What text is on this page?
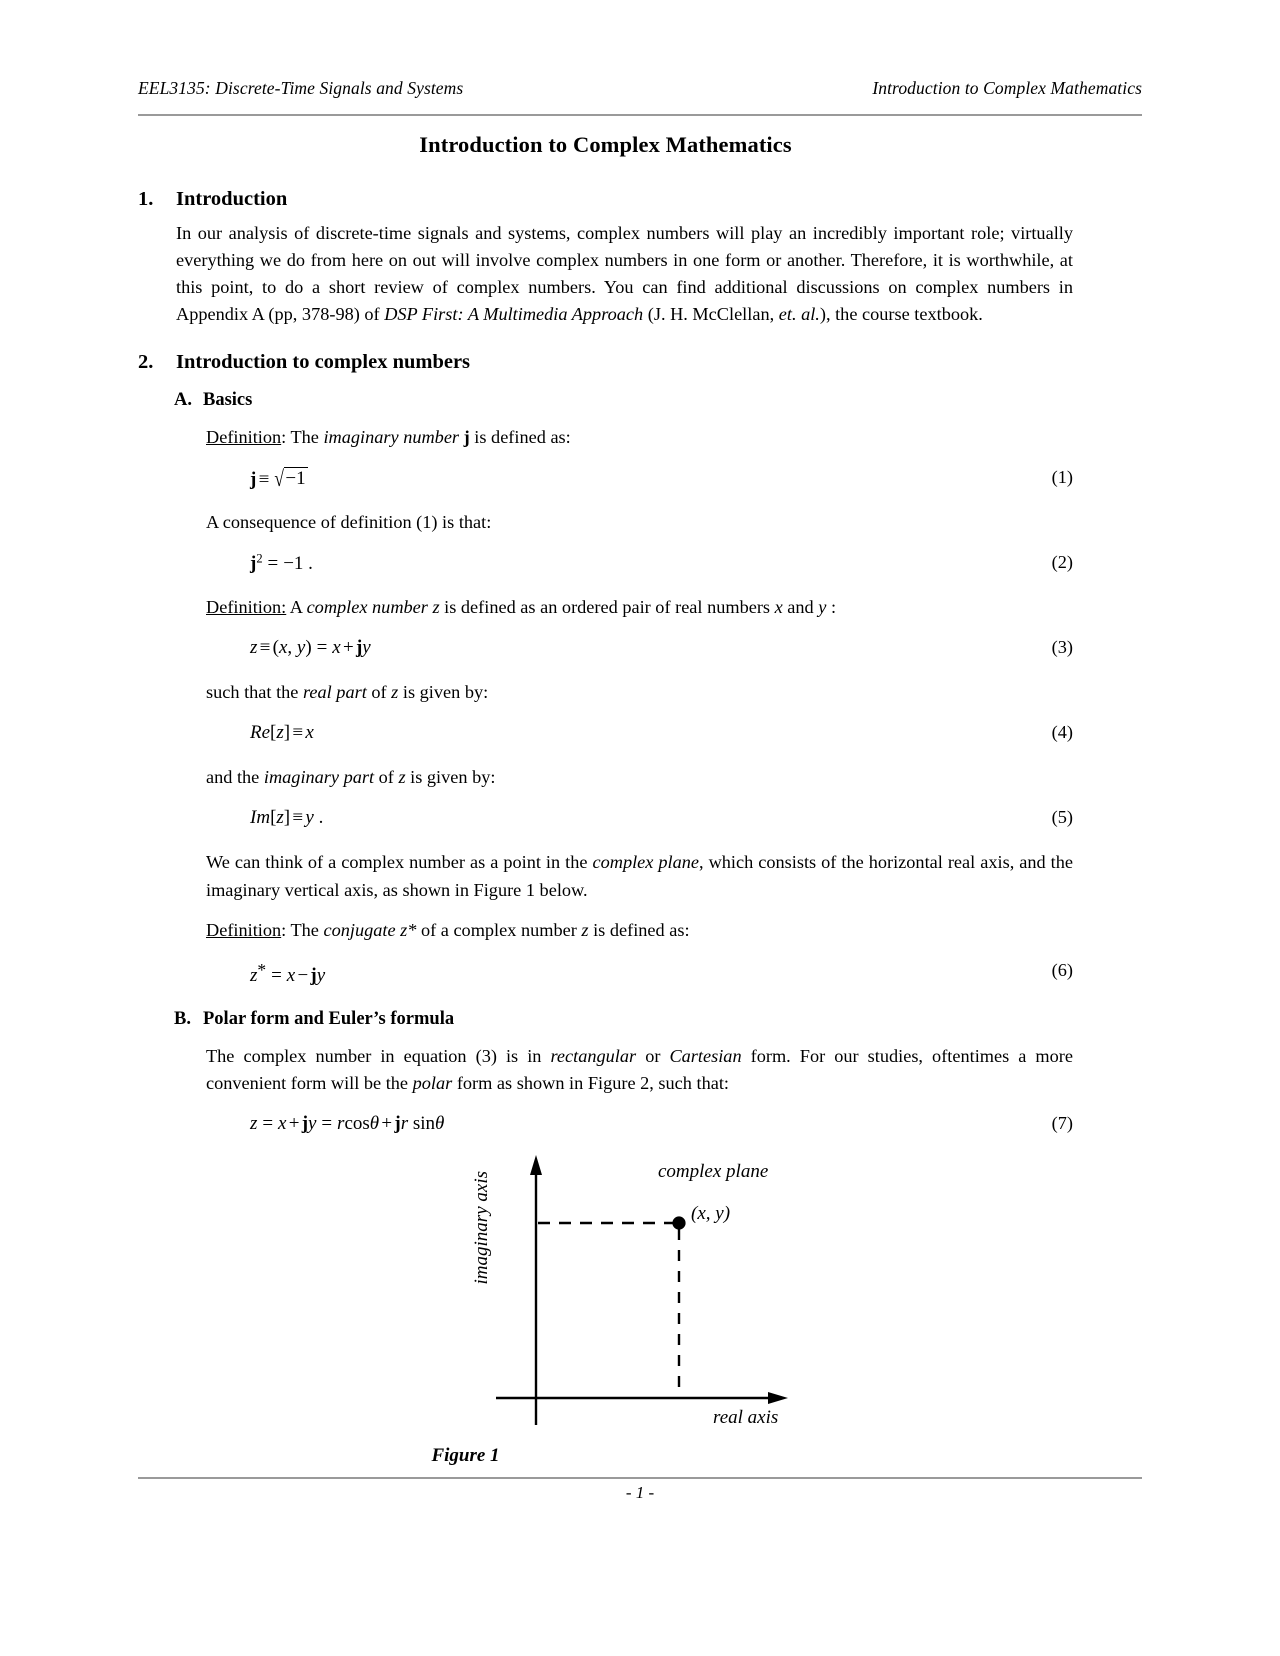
EEL3135: Discrete-Time Signals and Systems	Introduction to Complex Mathematics
Introduction to Complex Mathematics
1.	Introduction

In our analysis of discrete-time signals and systems, complex numbers will play an incredibly important role; virtually everything we do from here on out will involve complex numbers in one form or another. Therefore, it is worthwhile, at this point, to do a short review of complex numbers. You can find additional discussions on complex numbers in Appendix A (pp, 378-98) of DSP First: A Multimedia Approach (J. H. McClellan, et. al.), the course textbook.

2.	Introduction to complex numbers
A. Basics

Definition: The imaginary number j is defined as:

j ≡ √−1	(1)

A consequence of definition (1) is that:

$j^2 = -1$ .	(2)

Definition: A complex number z is defined as an ordered pair of real numbers x and y :

z ≡ (x, y) = x + jy	(3)

such that the real part of z is given by:

Re[z] ≡ x	(4)

and the imaginary part of z is given by:

Im[z] ≡ y .	(5)

We can think of a complex number as a point in the complex plane, which consists of the horizontal real axis, and the imaginary vertical axis, as shown in Figure 1 below.

Definition: The conjugate z* of a complex number z is defined as:

z* = x − jy	(6)
B. Polar form and Euler’s formula

The complex number in equation (3) is in rectangular or Cartesian form. For our studies, oftentimes a more convenient form will be the polar form as shown in Figure 2, such that:

z = x + jy = rcosθ + jr sinθ	(7)
imaginary axis
real axis
complex plane
(x, y)
Figure 1
- 1 -
